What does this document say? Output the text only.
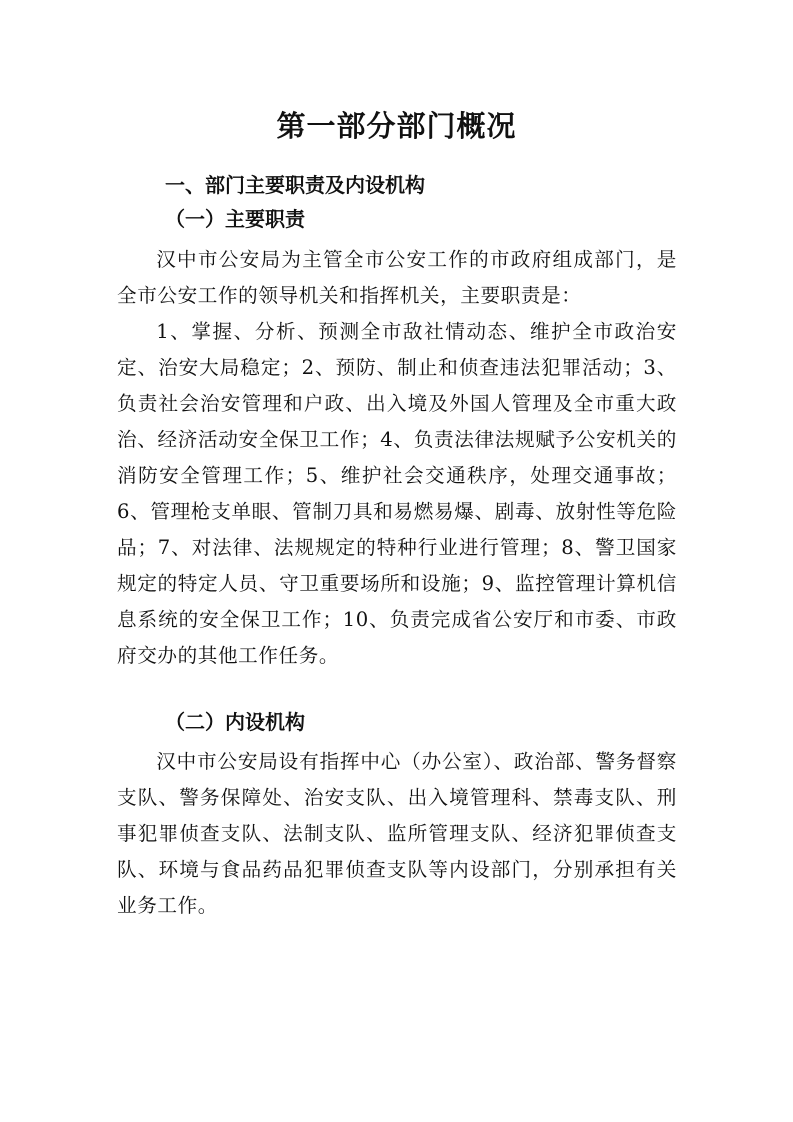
第一部分部门概况
一、部门主要职责及内设机构
（一）主要职责

汉中市公安局为主管全市公安工作的市政府组成部门，是全市公安工作的领导机关和指挥机关，主要职责是：

1、掌握、分析、预测全市敌社情动态、维护全市政治安定、治安大局稳定；2、预防、制止和侦查违法犯罪活动；3、负责社会治安管理和户政、出入境及外国人管理及全市重大政治、经济活动安全保卫工作；4、负责法律法规赋予公安机关的消防安全管理工作；5、维护社会交通秩序，处理交通事故；6、管理枪支单眼、管制刀具和易燃易爆、剧毒、放射性等危险品；7、对法律、法规规定的特种行业进行管理；8、警卫国家规定的特定人员、守卫重要场所和设施；9、监控管理计算机信息系统的安全保卫工作；10、负责完成省公安厅和市委、市政府交办的其他工作任务。

（二）内设机构

汉中市公安局设有指挥中心（办公室）、政治部、警务督察支队、警务保障处、治安支队、出入境管理科、禁毒支队、刑事犯罪侦查支队、法制支队、监所管理支队、经济犯罪侦查支队、环境与食品药品犯罪侦查支队等内设部门，分别承担有关业务工作。
